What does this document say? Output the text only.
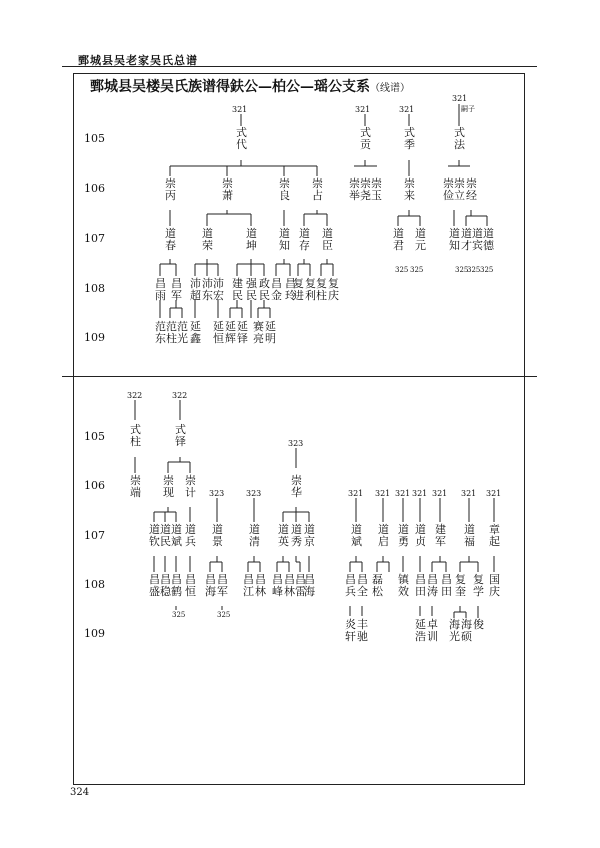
鄄城县吴老家吴氏总谱
鄄城县吴楼吴氏族谱得鈇公—柏公—瑶公支系（线谱）
105
106
107
108
109
105
106
107
108
109
321	321	321
321
嗣子
式代
式贡
式季
式法
崇丙
崇萧
崇良
崇占
崇举
崇尧
崇玉
崇来
崇俭
崇立
崇经
道春
道荣
道坤
道知
道存
道臣
道君
道元
道知
道才
道宾
道德
325 325	325
325 325
昌雨
昌军
沛超
沛东
沛宏
建民
强民
政民
昌金
昌玲
复进
复利
复柱
复庆
范东
范柱
范光
延鑫
延恒
延辉
延铎
赛亮
延明
322	322
323
323	323	321 321 321 321 321 321 321
式柱
式铎
崇端
崇现
崇计
崇华
道钦
道民
道斌
道兵
道景
道清
道英
道秀
道京
道斌
道启
道勇
道贞
建军
道福
章起
昌盛
昌稳
昌鹤
昌恒
昌海
昌军
昌江
昌林
昌峰
昌林
昌雷
昌海
昌兵
昌全
磊松
镇效
昌田
昌涛
昌田
复奎
复学
国庆
325	325
炎轩
丰驰
延浩
卓训
海光
海硕
俊
324
